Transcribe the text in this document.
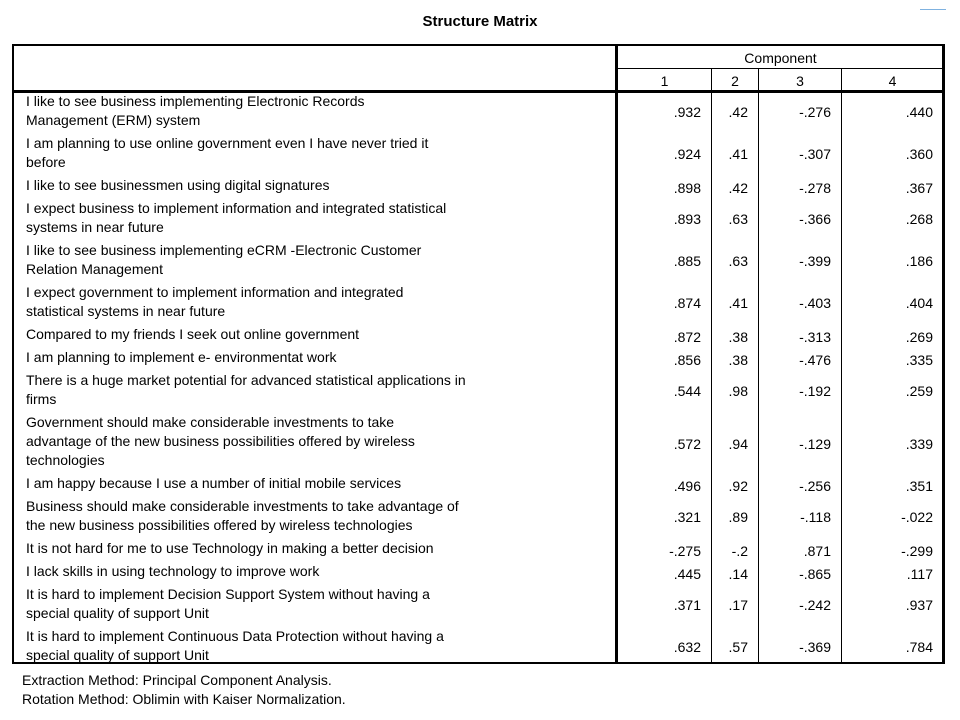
Structure Matrix
Component
1	2	3	4
I like to see business implementing Electronic Records
Management (ERM) system	.932	.42	-.276	.440
I am planning to use online government even I have never tried it
before	.924	.41	-.307	.360
I like to see businessmen using digital signatures	.898	.42	-.278	.367
I expect business to implement information and integrated statistical
systems in near future	.893	.63	-.366	.268
I like to see business implementing eCRM -Electronic Customer
Relation Management	.885	.63	-.399	.186
I expect government to implement information and integrated
statistical systems in near future	.874	.41	-.403	.404
Compared to my friends I seek out online government	.872	.38	-.313	.269
I am planning to implement e- environmentat work	.856	.38	-.476	.335
There is a huge market potential for advanced statistical applications in
firms	.544	.98	-.192	.259
Government should make considerable investments to take
advantage of the new business possibilities offered by wireless
technologies
.572	.94	-.129	.339
I am happy because I use a number of initial mobile services	.496	.92	-.256	.351
Business should make considerable investments to take advantage of
the new business possibilities offered by wireless technologies	.321	.89	-.118	-.022
It is not hard for me to use Technology in making a better decision	-.275	-.2	.871	-.299
I lack skills in using technology to improve work	.445	.14	-.865	.117
It is hard to implement Decision Support System without having a
special quality of support Unit	.371	.17	-.242	.937
It is hard to implement Continuous Data Protection without having a
special quality of support Unit	.632	.57	-.369	.784
Extraction Method: Principal Component Analysis.
Rotation Method: Oblimin with Kaiser Normalization.
